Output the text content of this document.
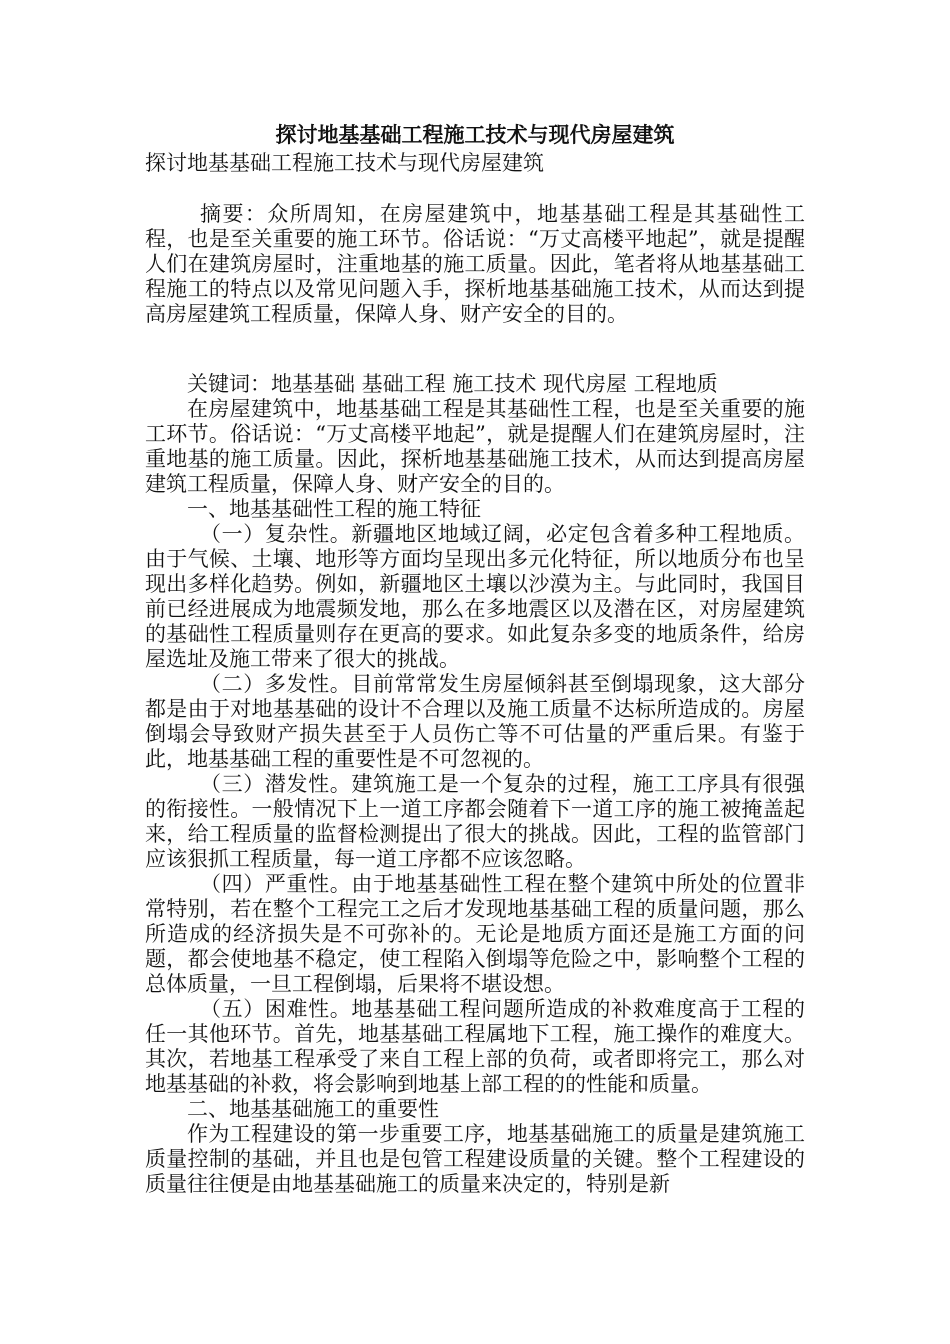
探讨地基基础工程施工技术与现代房屋建筑
探讨地基基础工程施工技术与现代房屋建筑
摘要：众所周知，在房屋建筑中，地基基础工程是其基础性工程，也是至关重要的施工环节。俗话说：“万丈高楼平地起”，就是提醒人们在建筑房屋时，注重地基的施工质量。因此，笔者将从地基基础工程施工的特点以及常见问题入手，探析地基基础施工技术，从而达到提高房屋建筑工程质量，保障人身、财产安全的目的。
关键词：地基基础 基础工程 施工技术 现代房屋 工程地质

在房屋建筑中，地基基础工程是其基础性工程，也是至关重要的施工环节。俗话说：“万丈高楼平地起”，就是提醒人们在建筑房屋时，注重地基的施工质量。因此，探析地基基础施工技术，从而达到提高房屋建筑工程质量，保障人身、财产安全的目的。

一、地基基础性工程的施工特征

（一）复杂性。新疆地区地域辽阔，必定包含着多种工程地质。由于气候、土壤、地形等方面均呈现出多元化特征，所以地质分布也呈现出多样化趋势。例如，新疆地区土壤以沙漠为主。与此同时，我国目前已经进展成为地震频发地，那么在多地震区以及潜在区，对房屋建筑的基础性工程质量则存在更高的要求。如此复杂多变的地质条件，给房屋选址及施工带来了很大的挑战。

（二）多发性。目前常常发生房屋倾斜甚至倒塌现象，这大部分都是由于对地基基础的设计不合理以及施工质量不达标所造成的。房屋倒塌会导致财产损失甚至于人员伤亡等不可估量的严重后果。有鉴于此，地基基础工程的重要性是不可忽视的。

（三）潜发性。建筑施工是一个复杂的过程，施工工序具有很强的衔接性。一般情况下上一道工序都会随着下一道工序的施工被掩盖起来，给工程质量的监督检测提出了很大的挑战。因此，工程的监管部门应该狠抓工程质量，每一道工序都不应该忽略。

（四）严重性。由于地基基础性工程在整个建筑中所处的位置非常特别，若在整个工程完工之后才发现地基基础工程的质量问题，那么所造成的经济损失是不可弥补的。无论是地质方面还是施工方面的问题，都会使地基不稳定，使工程陷入倒塌等危险之中，影响整个工程的总体质量，一旦工程倒塌，后果将不堪设想。

（五）困难性。地基基础工程问题所造成的补救难度高于工程的任一其他环节。首先，地基基础工程属地下工程，施工操作的难度大。其次，若地基工程承受了来自工程上部的负荷，或者即将完工，那么对地基基础的补救，将会影响到地基上部工程的的性能和质量。

二、地基基础施工的重要性

作为工程建设的第一步重要工序，地基基础施工的质量是建筑施工质量控制的基础，并且也是包管工程建设质量的关键。整个工程建设的质量往往便是由地基基础施工的质量来决定的，特别是新
